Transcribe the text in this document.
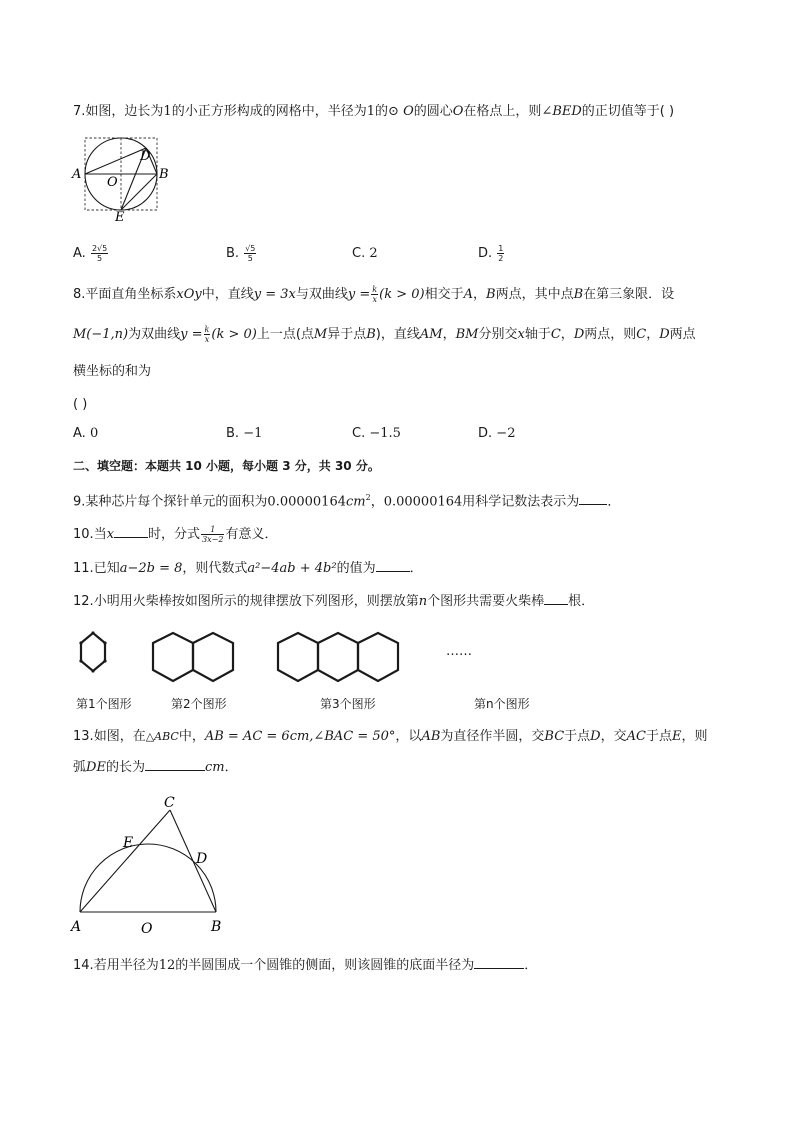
7.如图，边长为1的小正方形构成的网格中，半径为1的⊙ O的圆心O在格点上，则∠BED的正切值等于( )
A	B
D
O
E
A. $\frac{2√5}{5}$	B. $\frac{√5}{5}$	C. 2	D. $\frac{1}{2}$
8.平面直角坐标系xOy中，直线y = 3x与双曲线$y = \frac{k}{x} (k > 0)$相交于A，B两点，其中点B在第三象限．设
M(−1,n)为双曲线$y = \frac{k}{x} (k > 0)$上一点(点M异于点B)，直线AM，BM分别交x轴于C，D两点，则C，D两点
横坐标的和为
( )
A. 0	B. −1	C. −1.5	D. −2
二、填空题：本题共 10 小题，每小题 3 分，共 30 分。
9.某种芯片每个探针单元的面积为$0.00000164cm^2$，0.00000164用科学记数法表示为 ．
10.当x	时，分式 $\frac{1}{3x-2}$ 有意义．
11.已知a−2b = 8，则代数式a²−4ab + 4b²的值为	．
12.小明用火柴棒按如图所示的规律摆放下列图形，则摆放第n个图形共需要火柴棒 根．
……
第1个图形	第2个图形	第3个图形	第n个图形
13.如图，在△ABC中，AB = AC = 6cm,∠BAC = 50°，以AB为直径作半圆，交BC于点D，交AC于点E，则
弧DE的长为	cm．
C
E
D
A	O	B
14.若用半径为12的半圆围成一个圆锥的侧面，则该圆锥的底面半径为	．
